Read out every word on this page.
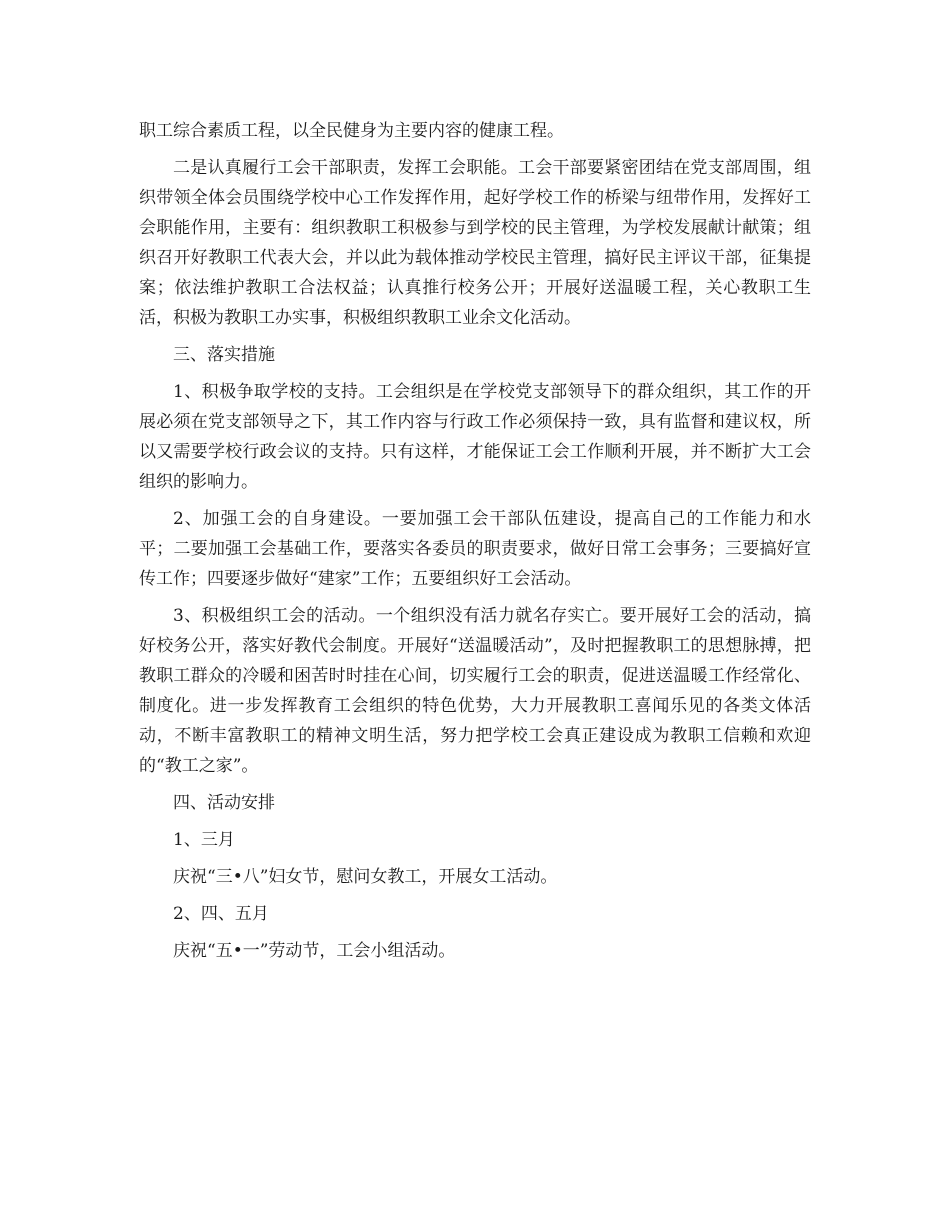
职工综合素质工程，以全民健身为主要内容的健康工程。

二是认真履行工会干部职责，发挥工会职能。工会干部要紧密团结在党支部周围，组织带领全体会员围绕学校中心工作发挥作用，起好学校工作的桥梁与纽带作用，发挥好工会职能作用，主要有：组织教职工积极参与到学校的民主管理，为学校发展献计献策；组织召开好教职工代表大会，并以此为载体推动学校民主管理，搞好民主评议干部，征集提案；依法维护教职工合法权益；认真推行校务公开；开展好送温暖工程，关心教职工生活，积极为教职工办实事，积极组织教职工业余文化活动。

三、落实措施

1、积极争取学校的支持。工会组织是在学校党支部领导下的群众组织，其工作的开展必须在党支部领导之下，其工作内容与行政工作必须保持一致，具有监督和建议权，所以又需要学校行政会议的支持。只有这样，才能保证工会工作顺利开展，并不断扩大工会组织的影响力。

2、加强工会的自身建设。一要加强工会干部队伍建设，提高自己的工作能力和水平；二要加强工会基础工作，要落实各委员的职责要求，做好日常工会事务；三要搞好宣传工作；四要逐步做好“建家”工作；五要组织好工会活动。

3、积极组织工会的活动。一个组织没有活力就名存实亡。要开展好工会的活动，搞好校务公开，落实好教代会制度。开展好“送温暖活动”，及时把握教职工的思想脉搏，把教职工群众的冷暖和困苦时时挂在心间，切实履行工会的职责，促进送温暖工作经常化、制度化。进一步发挥教育工会组织的特色优势，大力开展教职工喜闻乐见的各类文体活动，不断丰富教职工的精神文明生活，努力把学校工会真正建设成为教职工信赖和欢迎的“教工之家”。

四、活动安排

1、三月

庆祝“三•八”妇女节，慰问女教工，开展女工活动。

2、四、五月

庆祝“五•一”劳动节，工会小组活动。
